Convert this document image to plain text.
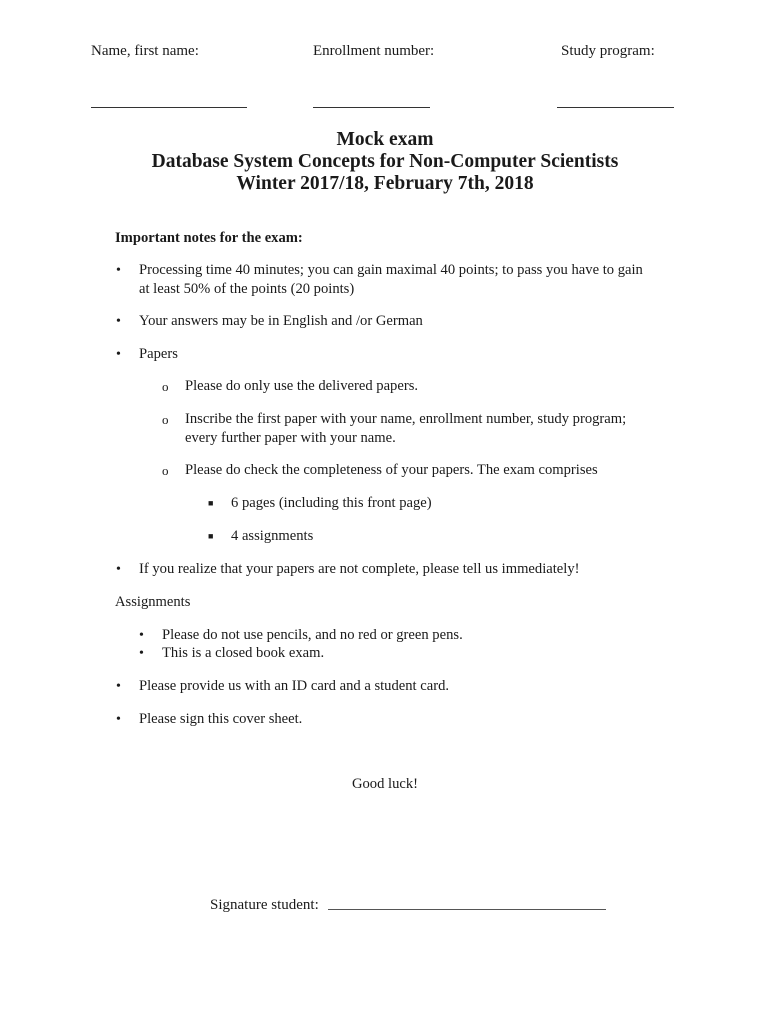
Name, first name:	Enrollment number:	Study program:
Mock exam
Database System Concepts for Non-Computer Scientists
Winter 2017/18, February 7th, 2018
Important notes for the exam:
• Processing time 40 minutes; you can gain maximal 40 points; to pass you have to gain
at least 50% of the points (20 points)
• Your answers may be in English and /or German
• Papers
o Please do only use the delivered papers.
o Inscribe the first paper with your name, enrollment number, study program;
every further paper with your name.
o Please do check the completeness of your papers. The exam comprises
■ 6 pages (including this front page)
■ 4 assignments
• If you realize that your papers are not complete, please tell us immediately!
Assignments
• Please do not use pencils, and no red or green pens.
• This is a closed book exam.
• Please provide us with an ID card and a student card.
• Please sign this cover sheet.
Good luck!
Signature student:
